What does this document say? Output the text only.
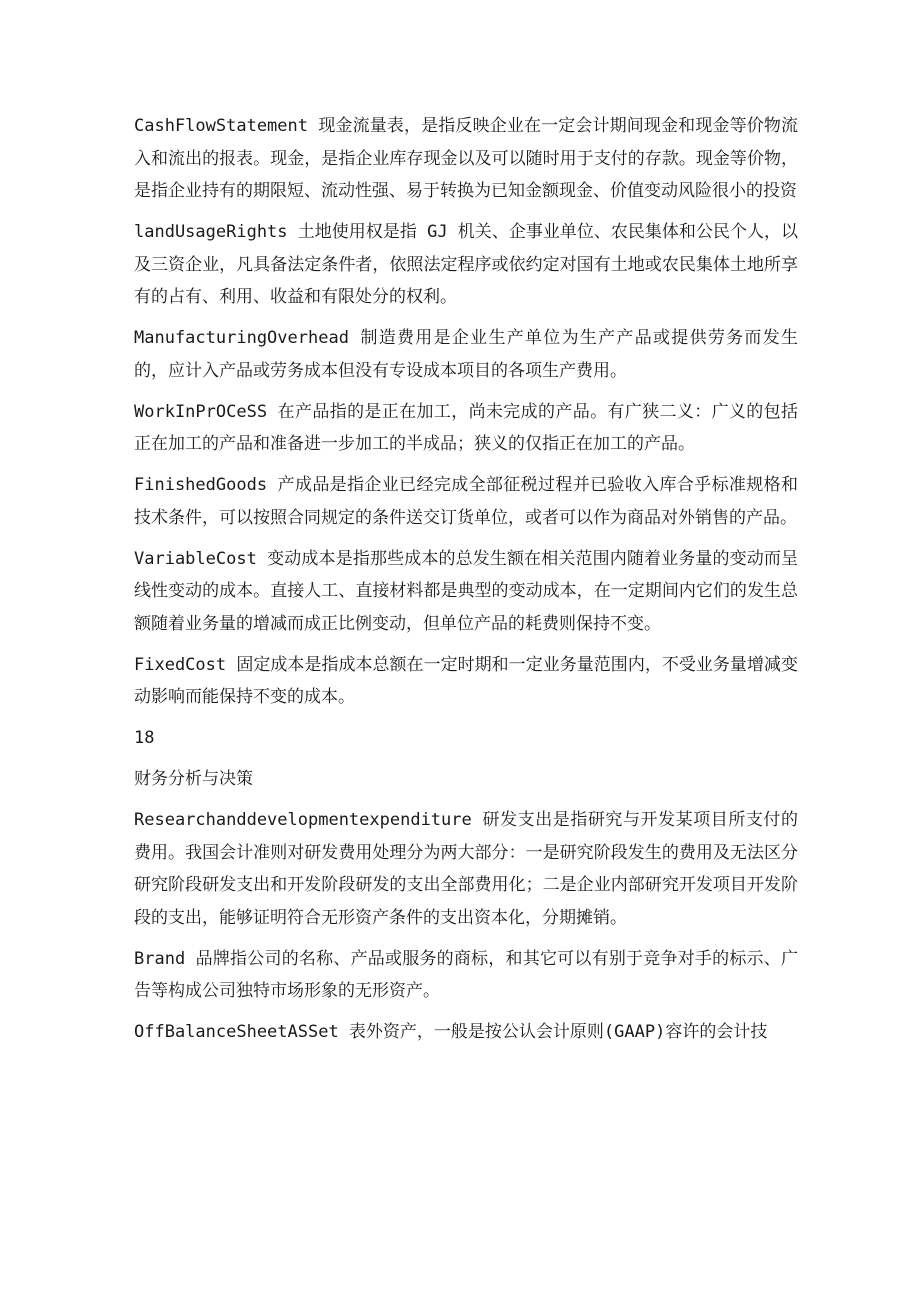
CashFlowStatement 现金流量表，是指反映企业在一定会计期间现金和现金等价物流入和流出的报表。现金，是指企业库存现金以及可以随时用于支付的存款。现金等价物，是指企业持有的期限短、流动性强、易于转换为已知金额现金、价值变动风险很小的投资

landUsageRights 土地使用权是指 GJ 机关、企事业单位、农民集体和公民个人，以及三资企业，凡具备法定条件者，依照法定程序或依约定对国有土地或农民集体土地所享有的占有、利用、收益和有限处分的权利。

ManufacturingOverhead 制造费用是企业生产单位为生产产品或提供劳务而发生的，应计入产品或劳务成本但没有专设成本项目的各项生产费用。

WorkInPrOCeSS 在产品指的是正在加工，尚未完成的产品。有广狭二义：广义的包括正在加工的产品和准备进一步加工的半成品；狭义的仅指正在加工的产品。

FinishedGoods 产成品是指企业已经完成全部征税过程并已验收入库合乎标准规格和技术条件，可以按照合同规定的条件送交订货单位，或者可以作为商品对外销售的产品。

VariableCost 变动成本是指那些成本的总发生额在相关范围内随着业务量的变动而呈线性变动的成本。直接人工、直接材料都是典型的变动成本，在一定期间内它们的发生总额随着业务量的增减而成正比例变动，但单位产品的耗费则保持不变。

FixedCost 固定成本是指成本总额在一定时期和一定业务量范围内，不受业务量增减变动影响而能保持不变的成本。

18

财务分析与决策

Researchanddevelopmentexpenditure 研发支出是指研究与开发某项目所支付的费用。我国会计准则对研发费用处理分为两大部分：一是研究阶段发生的费用及无法区分研究阶段研发支出和开发阶段研发的支出全部费用化；二是企业内部研究开发项目开发阶段的支出，能够证明符合无形资产条件的支出资本化，分期摊销。

Brand 品牌指公司的名称、产品或服务的商标，和其它可以有别于竞争对手的标示、广告等构成公司独特市场形象的无形资产。

OffBalanceSheetASSet 表外资产，一般是按公认会计原则(GAAP)容许的会计技
